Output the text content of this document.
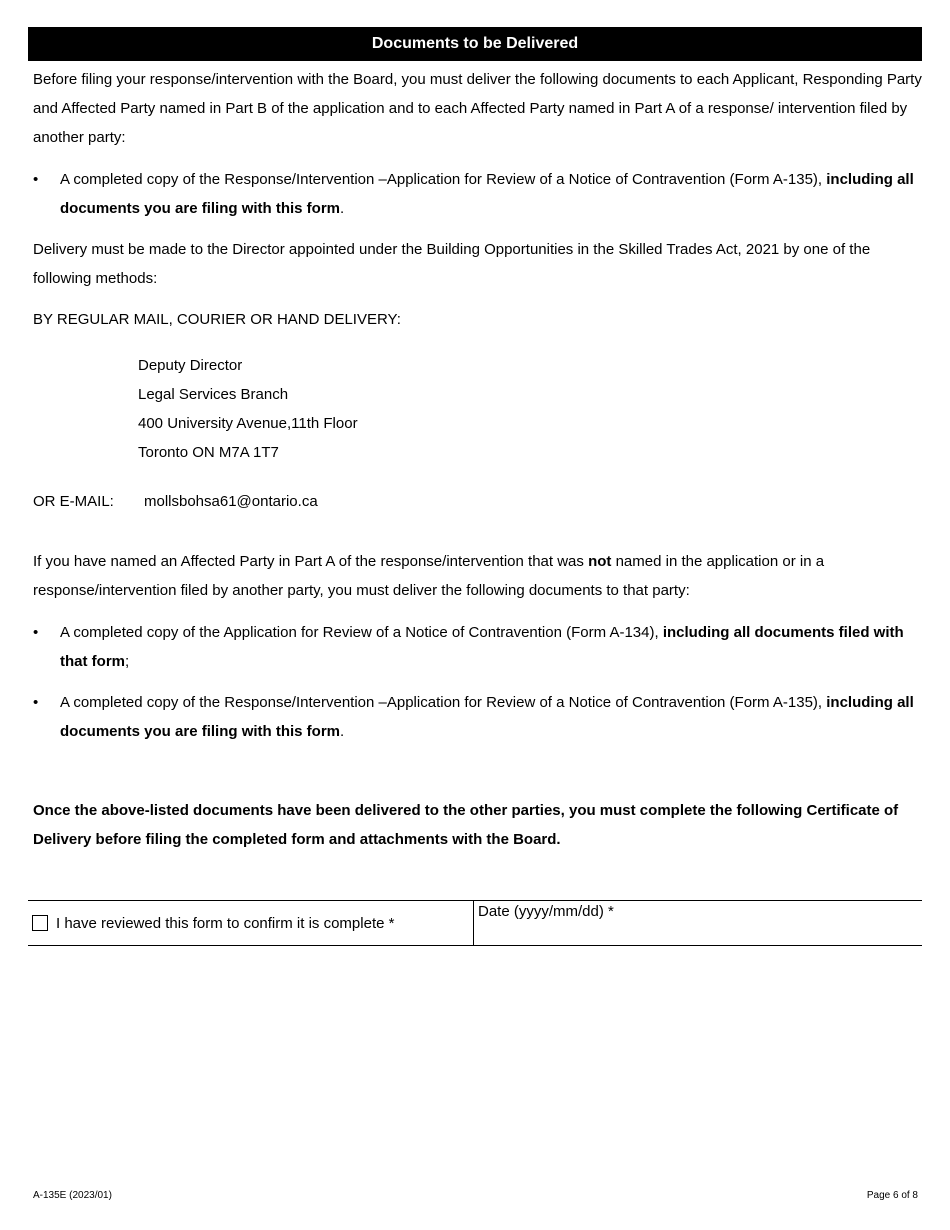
Documents to be Delivered

Before filing your response/intervention with the Board, you must deliver the following documents to each Applicant, Responding Party and Affected Party named in Part B of the application and to each Affected Party named in Part A of a response/ intervention filed by another party:

• A completed copy of the Response/Intervention –Application for Review of a Notice of Contravention (Form A-135), including all documents you are filing with this form.

Delivery must be made to the Director appointed under the Building Opportunities in the Skilled Trades Act, 2021 by one of the following methods:

BY REGULAR MAIL, COURIER OR HAND DELIVERY:

Deputy Director
Legal Services Branch
400 University Avenue,11th Floor
Toronto ON M7A 1T7
OR E-MAIL: mollsbohsa61@ontario.ca

If you have named an Affected Party in Part A of the response/intervention that was not named in the application or in a response/intervention filed by another party, you must deliver the following documents to that party:

• A completed copy of the Application for Review of a Notice of Contravention (Form A-134), including all documents filed with that form;

• A completed copy of the Response/Intervention –Application for Review of a Notice of Contravention (Form A-135), including all documents you are filing with this form.

Once the above-listed documents have been delivered to the other parties, you must complete the following Certificate of Delivery before filing the completed form and attachments with the Board.

I have reviewed this form to confirm it is complete *
Date (yyyy/mm/dd) *
A-135E (2023/01)	Page 6 of 8
